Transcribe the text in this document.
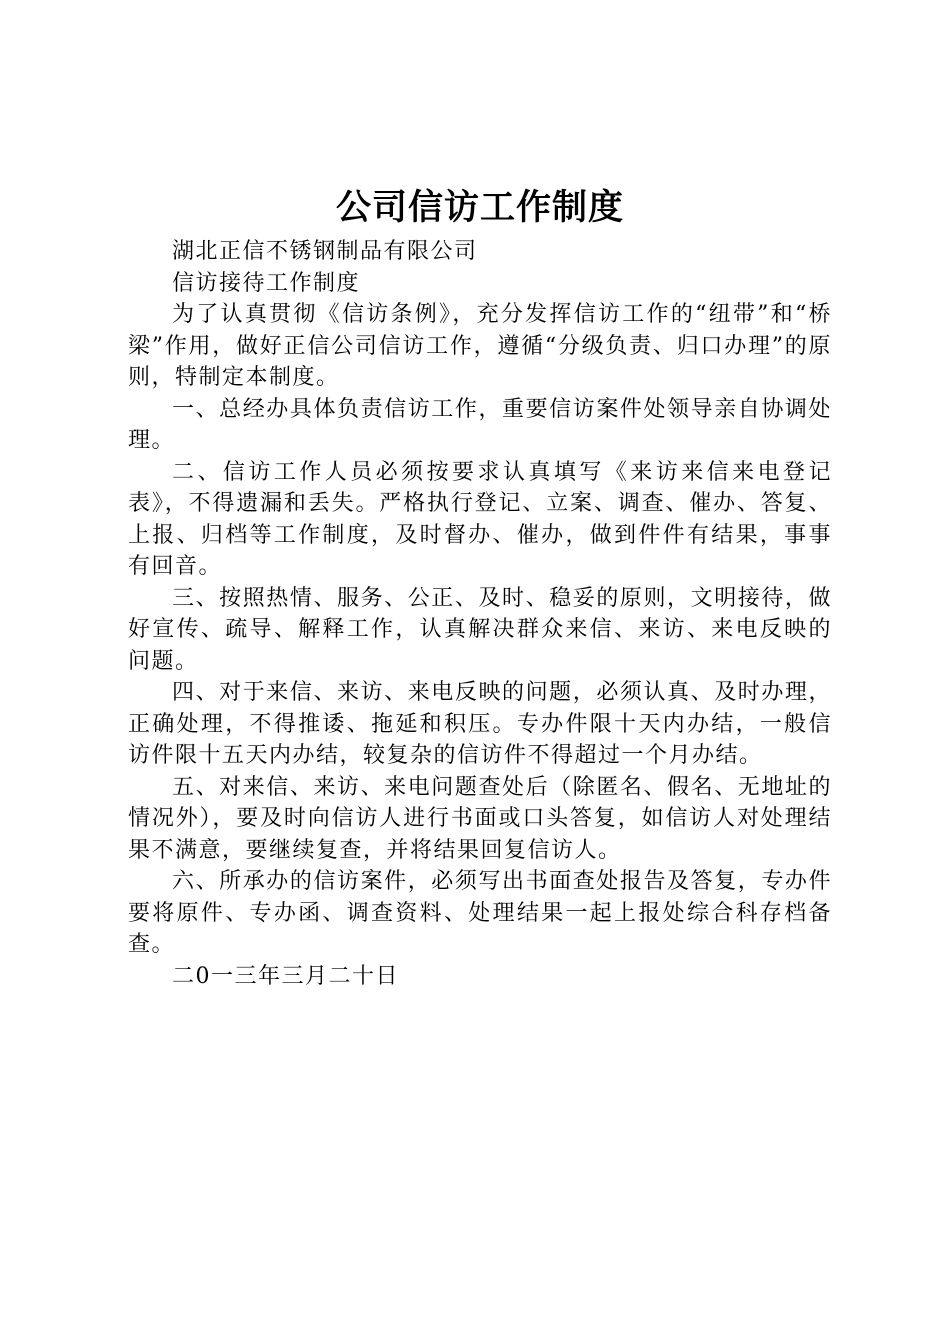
公司信访工作制度

湖北正信不锈钢制品有限公司

信访接待工作制度

为了认真贯彻《信访条例》，充分发挥信访工作的“纽带”和“桥梁”作用，做好正信公司信访工作，遵循“分级负责、归口办理”的原则，特制定本制度。

一、总经办具体负责信访工作，重要信访案件处领导亲自协调处理。

二、信访工作人员必须按要求认真填写《来访来信来电登记表》，不得遗漏和丢失。严格执行登记、立案、调查、催办、答复、上报、归档等工作制度，及时督办、催办，做到件件有结果，事事有回音。

三、按照热情、服务、公正、及时、稳妥的原则，文明接待，做好宣传、疏导、解释工作，认真解决群众来信、来访、来电反映的问题。

四、对于来信、来访、来电反映的问题，必须认真、及时办理，正确处理，不得推诿、拖延和积压。专办件限十天内办结，一般信访件限十五天内办结，较复杂的信访件不得超过一个月办结。

五、对来信、来访、来电问题查处后（除匿名、假名、无地址的情况外），要及时向信访人进行书面或口头答复，如信访人对处理结果不满意，要继续复查，并将结果回复信访人。

六、所承办的信访案件，必须写出书面查处报告及答复，专办件要将原件、专办函、调查资料、处理结果一起上报处综合科存档备查。

二0一三年三月二十日
